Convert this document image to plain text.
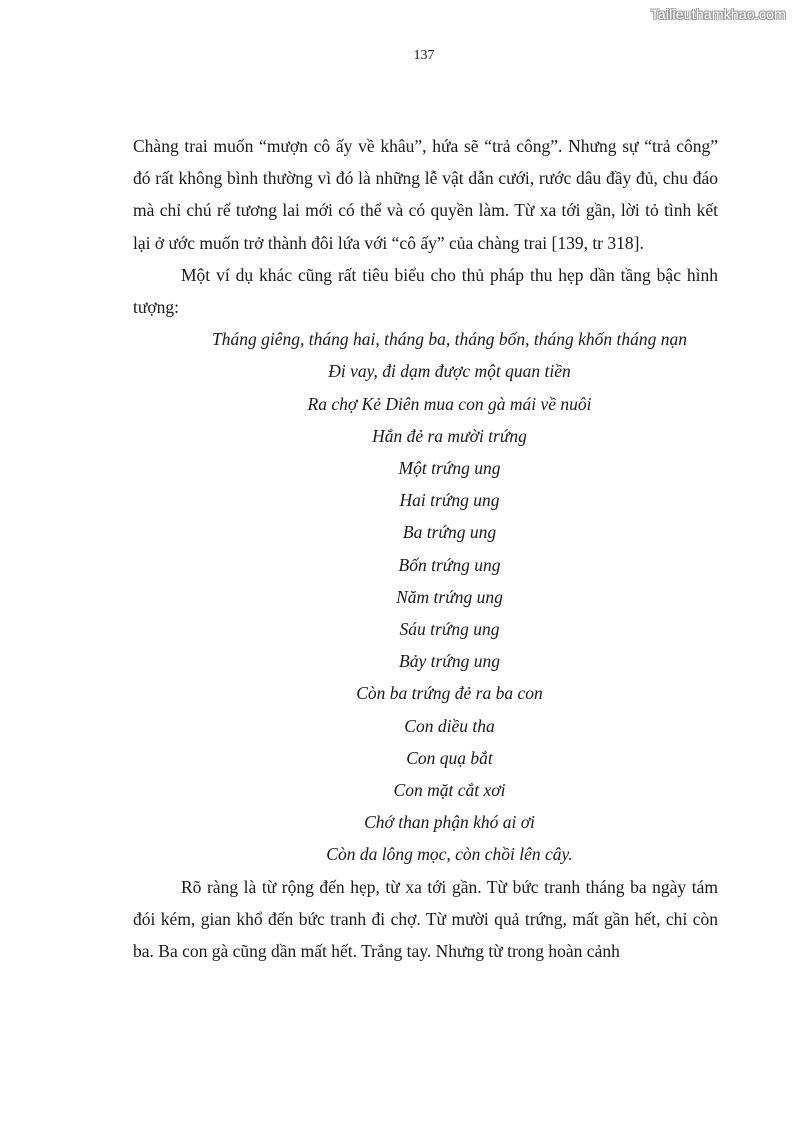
Tailieuthamkhao.com
137

Chàng trai muốn “mượn cô ấy về khâu”, hứa sẽ “trả công”. Nhưng sự “trả công” đó rất không bình thường vì đó là những lễ vật dẫn cưới, rước dâu đầy đủ, chu đáo mà chỉ chú rể tương lai mới có thể và có quyền làm. Từ xa tới gần, lời tỏ tình kết lại ở ước muốn trở thành đôi lứa với “cô ấy” của chàng trai [139, tr 318].

Một ví dụ khác cũng rất tiêu biểu cho thủ pháp thu hẹp dần tầng bậc hình tượng:

Tháng giêng, tháng hai, tháng ba, tháng bốn, tháng khốn tháng nạn
Đi vay, đi dạm được một quan tiền
Ra chợ Kẻ Diên mua con gà mái về nuôi
Hắn đẻ ra mười trứng
Một trứng ung
Hai trứng ung
Ba trứng ung
Bốn trứng ung
Năm trứng ung
Sáu trứng ung
Bảy trứng ung
Còn ba trứng đẻ ra ba con
Con diều tha
Con quạ bắt
Con mặt cắt xơi
Chớ than phận khó ai ơi
Còn da lông mọc, còn chồi lên cây.

Rõ ràng là từ rộng đến hẹp, từ xa tới gần. Từ bức tranh tháng ba ngày tám đói kém, gian khổ đến bức tranh đi chợ. Từ mười quả trứng, mất gần hết, chỉ còn ba. Ba con gà cũng dần mất hết. Trắng tay. Nhưng từ trong hoàn cảnh
